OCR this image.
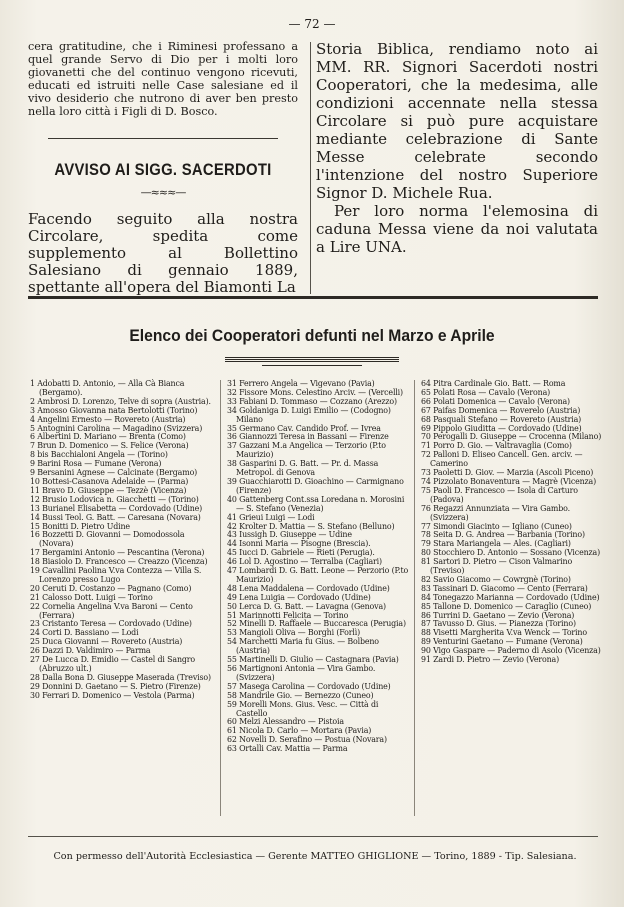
— 72 —

cera gratitudine, che i Riminesi professano a quel grande Servo di Dio per i molti loro giovanetti che del continuo vengono ricevuti, educati ed istruiti nelle Case salesiane ed il vivo desiderio che nutrono di aver ben presto nella loro città i Figli di D. Bosco.

AVVISO AI SIGG. SACERDOTI
—≈≈≈—

Facendo seguito alla nostra Circolare, spedita come supplemento al Bollettino Salesiano di gennaio 1889, spettante all'opera del Biamonti La

Storia Biblica, rendiamo noto ai MM. RR. Signori Sacerdoti nostri Cooperatori, che la medesima, alle condizioni accennate nella stessa Circolare si può pure acquistare mediante celebrazione di Sante Messe celebrate secondo l'intenzione del nostro Superiore Signor D. Michele Rua.

Per loro norma l'elemosina di caduna Messa viene da noi valutata a Lire UNA.

Elenco dei Cooperatori defunti nel Marzo e Aprile
1 Adobatti D. Antonio, — Alla Cà Bianca (Bergamo).
2 Ambrosi D. Lorenzo, Telve di sopra (Austria).
3 Amosso Giovanna nata Bertolotti (Torino)
4 Angelini Ernesto — Rovereto (Austria)
5 Antognini Carolina — Magadino (Svizzera)
6 Albertini D. Mariano — Brenta (Como)
7 Brun D. Domenico — S. Felice (Verona)
8 bis Bacchialoni Angela — (Torino)
9 Barini Rosa — Fumane (Verona)
9 Bersanini Agnese — Calcinate (Bergamo)
10 Bottesi-Casanova Adelaide — (Parma)
11 Bravo D. Giuseppe — Tezzè (Vicenza)
12 Brusio Lodovica n. Giacchetti — (Torino)
13 Burianel Elisabetta — Cordovado (Udine)
14 Bussi Teol. G. Batt. — Caresana (Novara)
15 Bonitti D. Pietro Udine
16 Bozzetti D. Giovanni — Domodossola (Novara)
17 Bergamini Antonio — Pescantina (Verona)
18 Biasiolo D. Francesco — Creazzo (Vicenza)
19 Cavallini Paolina V.va Contezza — Villa S. Lorenzo presso Lugo
20 Ceruti D. Costanzo — Pagnano (Como)
21 Calosso Dott. Luigi — Torino
22 Cornelia Angelina V.va Baroni — Cento (Ferrara)
23 Cristanto Teresa — Cordovado (Udine)
24 Corti D. Bassiano — Lodi
25 Duca Giovanni — Rovereto (Austria)
26 Dazzi D. Valdimiro — Parma
27 De Lucca D. Emidio — Castel di Sangro (Abruzzo ult.)
28 Dalla Bona D. Giuseppe Maserada (Treviso)
29 Donnini D. Gaetano — S. Pietro (Firenze)
30 Ferrari D. Domenico — Vestola (Parma)
31 Ferrero Angela — Vigevano (Pavia)
32 Fissore Mons. Celestino Arciv. — (Vercelli)
33 Fabiani D. Tommaso — Cozzano (Arezzo)
34 Goldaniga D. Luigi Emilio — (Codogno) Milano
35 Germano Cav. Candido Prof. — Ivrea
36 Giannozzi Teresa in Bassani — Firenze
37 Gazzani M.a Angelica — Terzorio (P.to Maurizio)
38 Gasparini D. G. Batt. — Pr. d. Massa Metropol. di Genova
39 Guacchiarotti D. Gioachino — Carmignano (Firenze)
40 Gattenberg Cont.ssa Loredana n. Morosini — S. Stefano (Venezia)
41 Grieui Luigi — Lodi
42 Krolter D. Mattia — S. Stefano (Belluno)
43 Iussigh D. Giuseppe — Udine
44 Isonni Maria — Pisogne (Brescia).
45 Iucci D. Gabriele — Rieti (Perugia).
46 Lol D. Agostino — Terralba (Cagliari)
47 Lombardi D. G. Batt. Leone — Perzorio (P.to Maurizio)
48 Lena Maddalena — Cordovado (Udine)
49 Lena Luigia — Cordovado (Udine)
50 Lerca D. G. Batt. — Lavagna (Genova)
51 Marinnotti Felicita — Torino
52 Minelli D. Raffaele — Buccaresca (Perugia)
53 Mangioli Oliva — Borghi (Forlì)
54 Marchetti Maria fu Gius. — Bolbeno (Austria)
55 Martinelli D. Giulio — Castagnara (Pavia)
56 Martignoni Antonia — Vira Gambo. (Svizzera)
57 Masega Carolina — Cordovado (Udine)
58 Mandrile Gio. — Bernezzo (Cuneo)
59 Morelli Mons. Gius. Vesc. — Città di Castello
60 Melzi Alessandro — Pistoia
61 Nicola D. Carlo — Mortara (Pavia)
62 Novelli D. Serafino — Postua (Novara)
63 Ortalli Cav. Mattia — Parma
64 Pitra Cardinale Gio. Batt. — Roma
65 Polati Rosa — Cavalo (Verona)
66 Polati Domenica — Cavalo (Verona)
67 Paifas Domenica — Roverelo (Austria)
68 Pasquali Stefano — Rovereto (Austria)
69 Pippolo Giuditta — Cordovado (Udine)
70 Perogalli D. Giuseppe — Crocenna (Milano)
71 Porro D. Gio. — Valtravaglia (Como)
72 Palloni D. Eliseo Cancell. Gen. arciv. — Camerino
73 Paoletti D. Giov. — Marzia (Ascoli Piceno)
74 Pizzolato Bonaventura — Magrè (Vicenza)
75 Paoli D. Francesco — Isola di Carturo (Padova)
76 Regazzi Annunziata — Vira Gambo. (Svizzera)
77 Simondi Giacinto — Igliano (Cuneo)
78 Seita D. G. Andrea — Barbania (Torino)
79 Stara Mariangela — Ales. (Cagliari)
80 Stocchiero D. Antonio — Sossano (Vicenza)
81 Sartori D. Pietro — Cison Valmarino (Treviso)
82 Savio Giacomo — Cowrgnè (Torino)
83 Tassinari D. Giacomo — Cento (Ferrara)
84 Tonegazzo Marianna — Cordovado (Udine)
85 Tallone D. Domenico — Caraglio (Cuneo)
86 Turrini D. Gaetano — Zevio (Verona)
87 Tavusso D. Gius. — Pianezza (Torino)
88 Visetti Margherita V.va Wenck — Torino
89 Venturini Gaetano — Fumane (Verona)
90 Vigo Gaspare — Paderno di Asolo (Vicenza)
91 Zardi D. Pietro — Zevio (Verona)
Con permesso dell'Autorità Ecclesiastica — Gerente MATTEO GHIGLIONE — Torino, 1889 - Tip. Salesiana.
